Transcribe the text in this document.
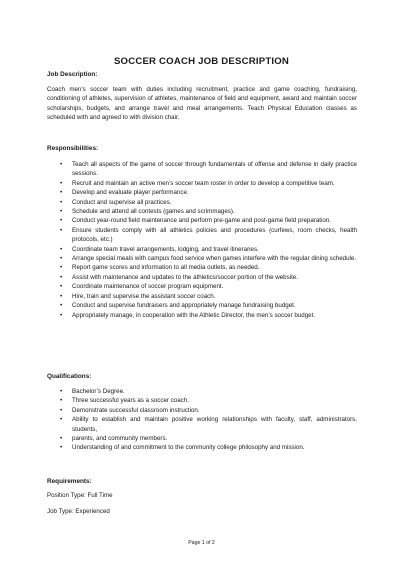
SOCCER COACH JOB DESCRIPTION
Job Description:
Coach men’s soccer team with duties including recruitment, practice and game coaching, fundraising, conditioning of athletes, supervision of athletes, maintenance of field and equipment, award and maintain soccer scholarships, budgets, and arrange travel and meal arrangements. Teach Physical Education classes as scheduled with and agreed to with division chair.
Responsibilities:
• Teach all aspects of the game of soccer through fundamentals of offense and defense in daily practice sessions.
• Recruit and maintain an active men’s soccer team roster in order to develop a competitive team.
• Develop and evaluate player performance.
• Conduct and supervise all practices.
• Schedule and attend all contests (games and scrimmages).
• Conduct year-round field maintenance and perform pre-game and post-game field preparation.
• Ensure students comply with all athletics policies and procedures (curfews, room checks, health protocols, etc.)
• Coordinate team travel arrangements, lodging, and travel itineraries.
• Arrange special meals with campus food service when games interfere with the regular dining schedule.
• Report game scores and information to all media outlets, as needed.
• Assist with maintenance and updates to the athletics/soccer portion of the website.
• Coordinate maintenance of soccer program equipment.
• Hire, train and supervise the assistant soccer coach.
• Conduct and supervise fundraisers and appropriately manage fundraising budget.
• Appropriately manage, in cooperation with the Athletic Director, the men’s soccer budget.
Qualifications:
• Bachelor’s Degree.
• Three successful years as a soccer coach.
• Demonstrate successful classroom instruction.
• Ability to establish and maintain positive working relationships with faculty, staff, administrators, students,
• parents, and community members.
• Understanding of and commitment to the community college philosophy and mission.
Requirements:
Position Type: Full Time
Job Type: Experienced
Page 1 of 2
